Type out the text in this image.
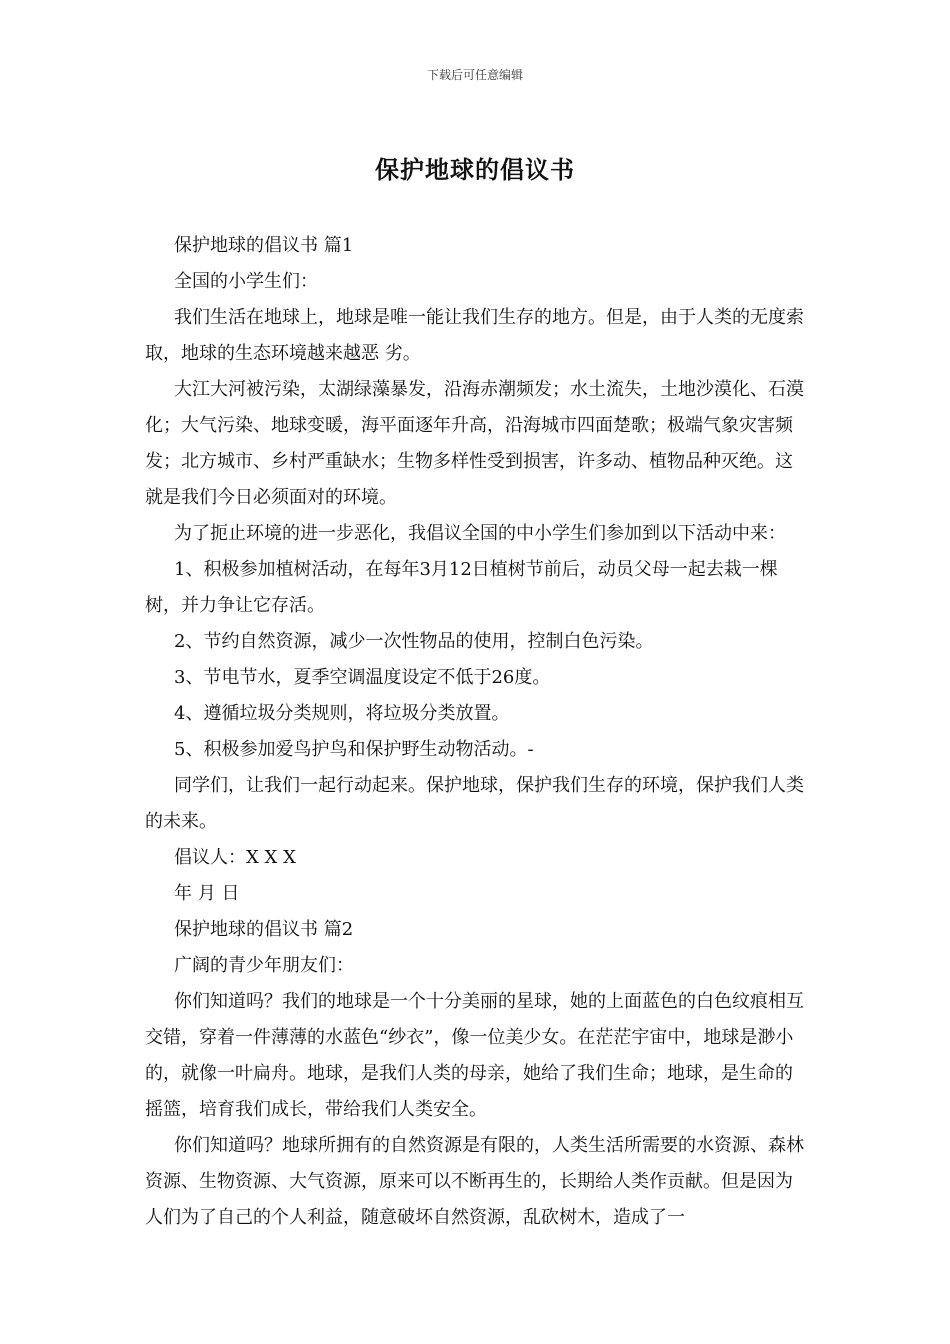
下载后可任意编辑
保护地球的倡议书

保护地球的倡议书 篇1

全国的小学生们：

我们生活在地球上，地球是唯一能让我们生存的地方。但是，由于人类的无度索取，地球的生态环境越来越恶 劣。

大江大河被污染，太湖绿藻暴发，沿海赤潮频发；水土流失，土地沙漠化、石漠化；大气污染、地球变暖，海平面逐年升高，沿海城市四面楚歌；极端气象灾害频发；北方城市、乡村严重缺水；生物多样性受到损害，许多动、植物品种灭绝。这就是我们今日必须面对的环境。

为了扼止环境的进一步恶化，我倡议全国的中小学生们参加到以下活动中来：

1、积极参加植树活动，在每年3月12日植树节前后，动员父母一起去栽一棵树，并力争让它存活。

2、节约自然资源，减少一次性物品的使用，控制白色污染。

3、节电节水，夏季空调温度设定不低于26度。

4、遵循垃圾分类规则，将垃圾分类放置。

5、积极参加爱鸟护鸟和保护野生动物活动。-

同学们，让我们一起行动起来。保护地球，保护我们生存的环境，保护我们人类的未来。

倡议人：X X X

年 月 日

保护地球的倡议书 篇2

广阔的青少年朋友们：

你们知道吗？我们的地球是一个十分美丽的星球，她的上面蓝色的白色纹痕相互交错，穿着一件薄薄的水蓝色“纱衣”，像一位美少女。在茫茫宇宙中，地球是渺小的，就像一叶扁舟。地球，是我们人类的母亲，她给了我们生命；地球，是生命的摇篮，培育我们成长，带给我们人类安全。

你们知道吗？地球所拥有的自然资源是有限的，人类生活所需要的水资源、森林资源、生物资源、大气资源，原来可以不断再生的，长期给人类作贡献。但是因为人们为了自己的个人利益，随意破坏自然资源，乱砍树木，造成了一
